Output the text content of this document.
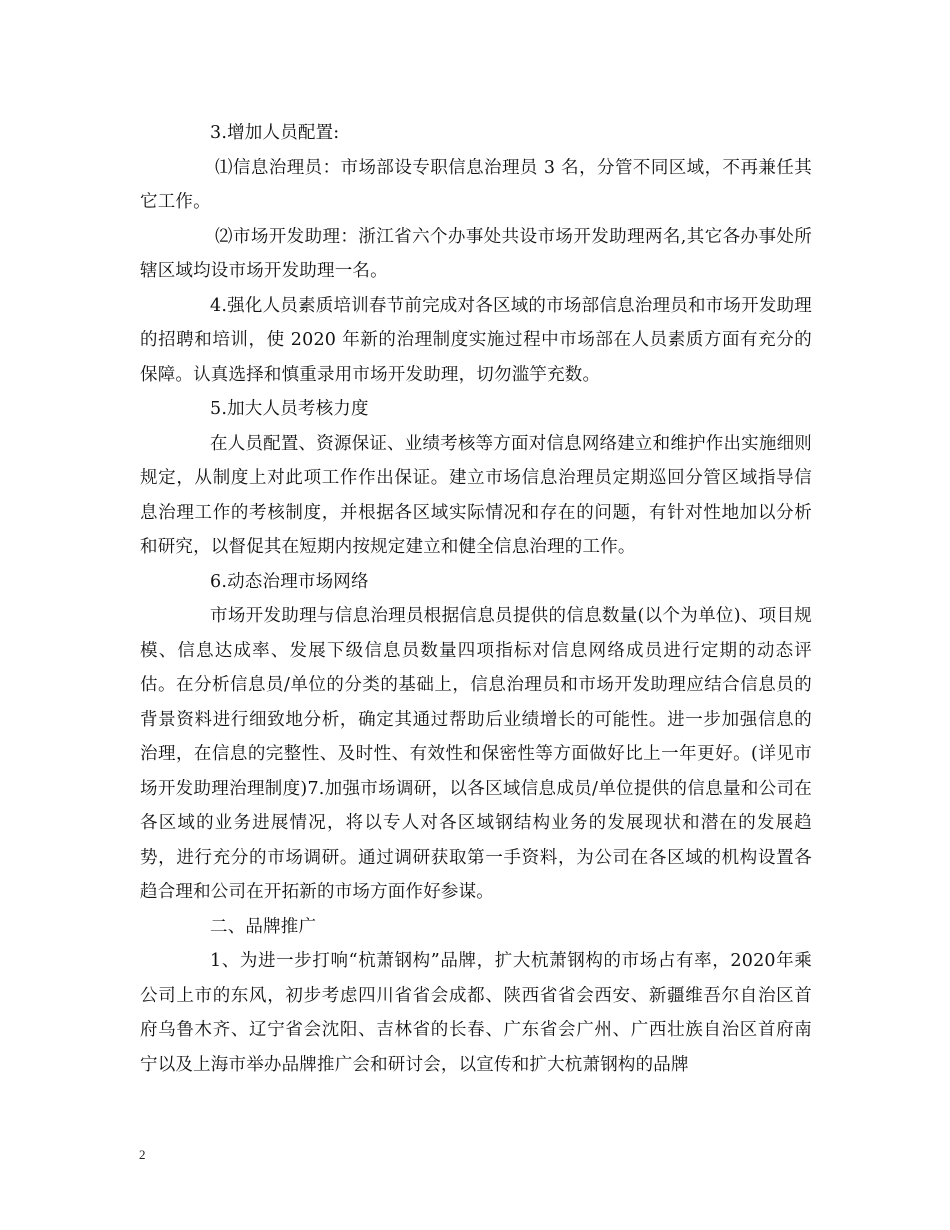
3.增加人员配置:

⑴信息治理员：市场部设专职信息治理员 3 名，分管不同区域，不再兼任其它工作。

⑵市场开发助理：浙江省六个办事处共设市场开发助理两名,其它各办事处所辖区域均设市场开发助理一名。

4.强化人员素质培训春节前完成对各区域的市场部信息治理员和市场开发助理的招聘和培训，使 2020 年新的治理制度实施过程中市场部在人员素质方面有充分的保障。认真选择和慎重录用市场开发助理，切勿滥竽充数。

5.加大人员考核力度

在人员配置、资源保证、业绩考核等方面对信息网络建立和维护作出实施细则规定，从制度上对此项工作作出保证。建立市场信息治理员定期巡回分管区域指导信息治理工作的考核制度，并根据各区域实际情况和存在的问题，有针对性地加以分析和研究，以督促其在短期内按规定建立和健全信息治理的工作。

6.动态治理市场网络

市场开发助理与信息治理员根据信息员提供的信息数量(以个为单位)、项目规模、信息达成率、发展下级信息员数量四项指标对信息网络成员进行定期的动态评估。在分析信息员/单位的分类的基础上，信息治理员和市场开发助理应结合信息员的背景资料进行细致地分析，确定其通过帮助后业绩增长的可能性。进一步加强信息的治理，在信息的完整性、及时性、有效性和保密性等方面做好比上一年更好。(详见市场开发助理治理制度)7.加强市场调研，以各区域信息成员/单位提供的信息量和公司在各区域的业务进展情况，将以专人对各区域钢结构业务的发展现状和潜在的发展趋势，进行充分的市场调研。通过调研获取第一手资料，为公司在各区域的机构设置各趋合理和公司在开拓新的市场方面作好参谋。

二、品牌推广

1、为进一步打响“杭萧钢构”品牌，扩大杭萧钢构的市场占有率，2020年乘公司上市的东风，初步考虑四川省省会成都、陕西省省会西安、新疆维吾尔自治区首府乌鲁木齐、辽宁省会沈阳、吉林省的长春、广东省会广州、广西壮族自治区首府南宁以及上海市举办品牌推广会和研讨会，以宣传和扩大杭萧钢构的品牌

2
